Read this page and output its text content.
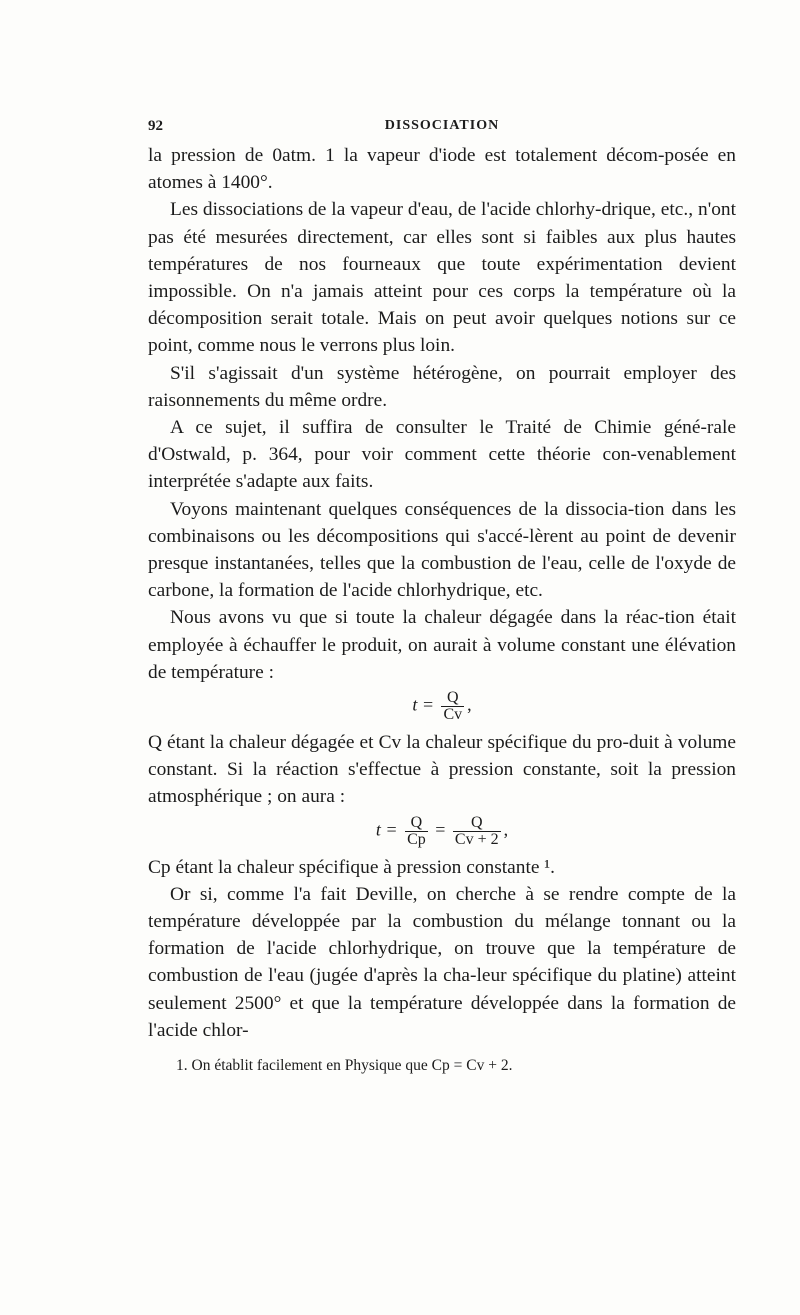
92	DISSOCIATION

la pression de 0atm. 1 la vapeur d'iode est totalement décom-posée en atomes à 1400°.

Les dissociations de la vapeur d'eau, de l'acide chlorhy-drique, etc., n'ont pas été mesurées directement, car elles sont si faibles aux plus hautes températures de nos fourneaux que toute expérimentation devient impossible. On n'a jamais atteint pour ces corps la température où la décomposition serait totale. Mais on peut avoir quelques notions sur ce point, comme nous le verrons plus loin.

S'il s'agissait d'un système hétérogène, on pourrait employer des raisonnements du même ordre.

A ce sujet, il suffira de consulter le Traité de Chimie géné-rale d'Ostwald, p. 364, pour voir comment cette théorie con-venablement interprétée s'adapte aux faits.

Voyons maintenant quelques conséquences de la dissocia-tion dans les combinaisons ou les décompositions qui s'accé-lèrent au point de devenir presque instantanées, telles que la combustion de l'eau, celle de l'oxyde de carbone, la formation de l'acide chlorhydrique, etc.

Nous avons vu que si toute la chaleur dégagée dans la réac-tion était employée à échauffer le produit, on aurait à volume constant une élévation de température :

$t = \frac{Q}{Cv}$ ,

Q étant la chaleur dégagée et Cv la chaleur spécifique du pro-duit à volume constant. Si la réaction s'effectue à pression constante, soit la pression atmosphérique ; on aura :

$t = \frac{Q}{Cp} = \frac{Q}{Cv + 2}$ ,

Cp étant la chaleur spécifique à pression constante ¹.

Or si, comme l'a fait Deville, on cherche à se rendre compte de la température développée par la combustion du mélange tonnant ou la formation de l'acide chlorhydrique, on trouve que la température de combustion de l'eau (jugée d'après la cha-leur spécifique du platine) atteint seulement 2500° et que la température développée dans la formation de l'acide chlor-

1. On établit facilement en Physique que Cp = Cv + 2.
